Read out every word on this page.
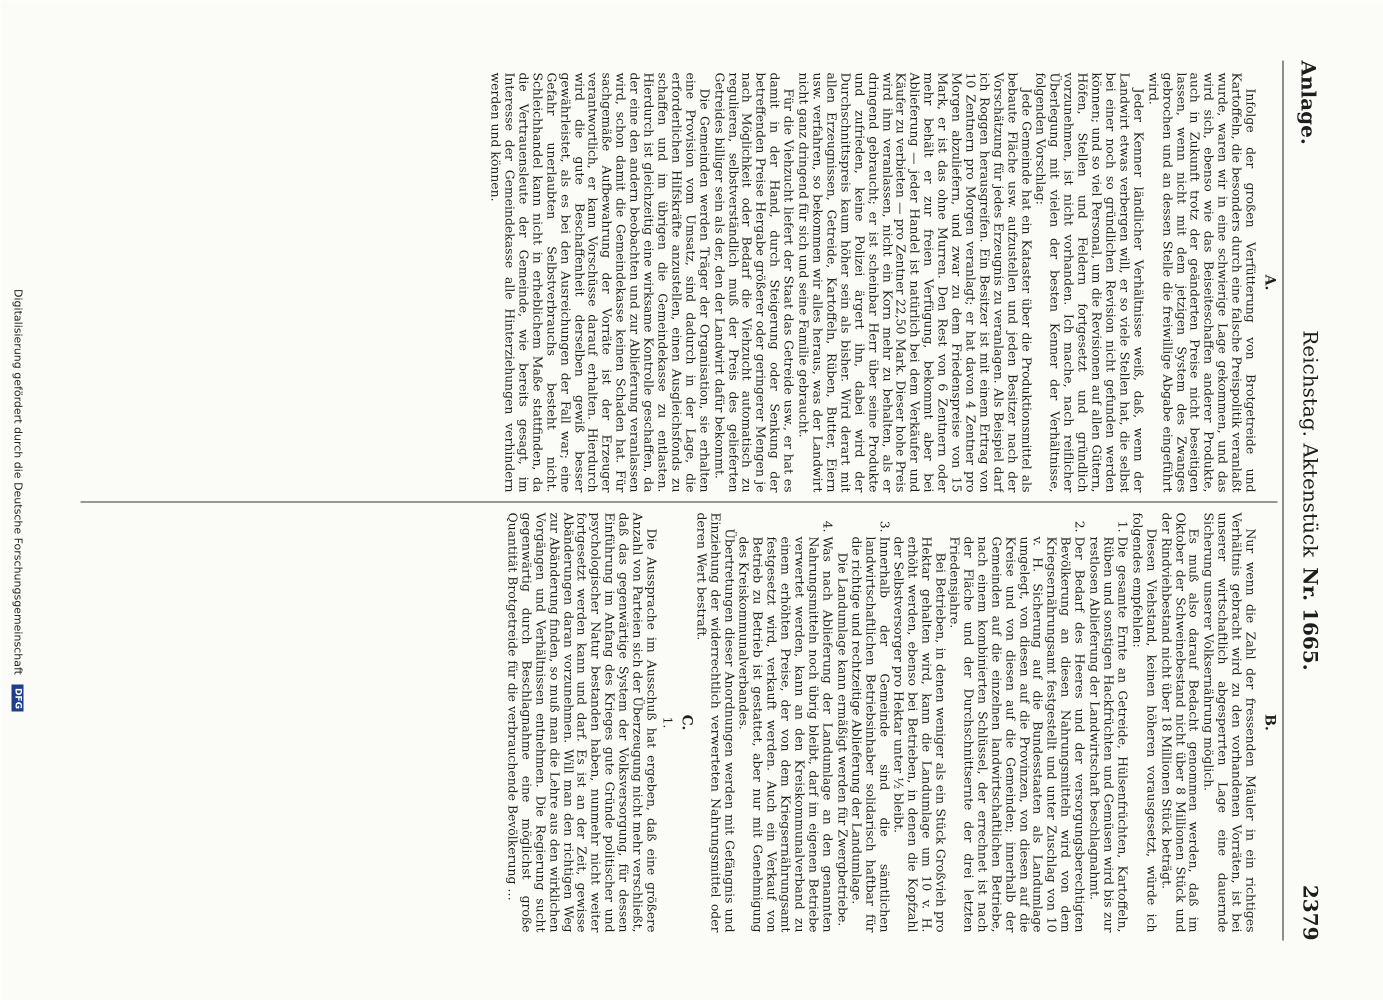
Anlage.
Reichstag. AktenstückNr. 1665.
2379
A.

Infolge der großen Verfütterung von Brotgetreide und Kartoffeln, die besonders durch eine falsche Preispolitik veranlaßt wurde, waren wir in eine schwierige Lage gekommen, und das wird sich, ebenso wie das Beiseiteschaffen anderer Produkte, auch in Zukunft trotz der geänderten Preise nicht beseitigen lassen, wenn nicht mit dem jetzigen System des Zwanges gebrochen und an dessen Stelle die freiwillige Abgabe eingeführt wird.

Jeder Kenner ländlicher Verhältnisse weiß, daß, wenn der Landwirt etwas verbergen will, er so viele Stellen hat, die selbst bei einer noch so gründlichen Revision nicht gefunden werden können; und so viel Personal, um die Revisionen auf allen Gütern, Höfen, Stellen und Feldern fortgesetzt und gründlich vorzunehmen, ist nicht vorhanden. Ich mache, nach reiflicher Überlegung mit vielen der besten Kenner der Verhältnisse, folgenden Vorschlag:

Jede Gemeinde hat ein Kataster über die Produktionsmittel als bebaute Fläche usw. aufzustellen und jeden Besitzer nach der Vorschätzung für jedes Erzeugnis zu veranlagen. Als Beispiel darf ich Roggen herausgreifen. Ein Besitzer ist mit einem Ertrag von 10 Zentnern pro Morgen veranlagt; er hat davon 4 Zentner pro Morgen abzuliefern, und zwar zu dem Friedenspreise von 15 Mark, er ist das ohne Murren. Den Rest von 6 Zentnern oder mehr behält er zur freien Verfügung, bekommt aber bei Ablieferung — jeder Handel ist natürlich bei dem Verkäufer und Käufer zu verbieten — pro Zentner 22,50 Mark. Dieser hohe Preis wird ihm veranlassen, nicht ein Korn mehr zu behalten, als er dringend gebraucht; er ist scheinbar Herr über seine Produkte und zufrieden, keine Polizei ärgert ihn, dabei wird der Durchschnittspreis kaum höher sein als bisher. Wird derart mit allen Erzeugnissen, Getreide, Kartoffeln, Rüben, Butter, Eiern usw. verfahren, so bekommen wir alles heraus, was der Landwirt nicht ganz dringend für sich und seine Familie gebraucht.

Für die Viehzucht liefert der Staat das Getreide usw., er hat es damit in der Hand, durch Steigerung oder Senkung der betreffenden Preise Hergabe größerer oder geringerer Mengen je nach Möglichkeit oder Bedarf die Viehzucht automatisch zu regulieren, selbstverständlich muß der Preis des gelieferten Getreides billiger sein als der, den der Landwirt dafür bekommt.

Die Gemeinden werden Träger der Organisation, sie erhalten eine Provision vom Umsatz, sind dadurch in der Lage, die erforderlichen Hilfskräfte anzustellen, einen Ausgleichsfonds zu schaffen und im übrigen die Gemeindekasse zu entlasten. Hierdurch ist gleichzeitig eine wirksame Kontrolle geschaffen, da der eine den andern beobachten und zur Ablieferung veranlassen wird, schon damit die Gemeindekasse keinen Schaden hat. Für sachgemäße Aufbewahrung der Vorräte ist der Erzeuger verantwortlich, er kann Vorschüsse darauf erhalten. Hierdurch wird die gute Beschaffenheit derselben gewiß besser gewährleistet, als es bei den Ausreichungen der Fall war; eine Gefahr unerlaubten Selbstverbrauchs besteht nicht. Schleichhandel kann nicht in erheblichem Maße stattfinden, da die Vertrauensleute der Gemeinde, wie bereits gesagt, im Interesse der Gemeindekasse alle Hinterziehungen verhindern werden und können.

B.

Nur wenn die Zahl der fressenden Mäuler in ein richtiges Verhältnis gebracht wird zu den vorhandenen Vorräten, ist bei unserer wirtschaftlich abgesperrten Lage eine dauernde Sicherung unserer Volksernährung möglich.

Es muß also darauf Bedacht genommen werden, daß im Oktober der Schweinebestand nicht über 8 Millionen Stück und der Rindviehbestand nicht über 18 Millionen Stück beträgt.

Diesen Viehstand, keinen höheren vorausgesetzt, würde ich folgendes empfehlen:

1. Die gesamte Ernte an Getreide, Hülsenfrüchten, Kartoffeln, Rüben und sonstigen Hackfrüchten und Gemüsen wird bis zur restlosen Ablieferung der Landwirtschaft beschlagnahmt.
2. Der Bedarf des Heeres und der versorgungsberechtigten Bevölkerung an diesen Nahrungsmitteln wird von dem Kriegsernährungsamt festgestellt und unter Zuschlag von 10 v. H. Sicherung auf die Bundesstaaten als Landumlage umgelegt, von diesen auf die Provinzen, von diesen auf die Kreise und von diesen auf die Gemeinden; innerhalb der Gemeinden auf die einzelnen landwirtschaftlichen Betriebe, nach einem kombinierten Schlüssel, der errechnet ist nach der Fläche und der Durchschnittsernte der drei letzten Friedensjahre.

Bei Betrieben, in denen weniger als ein Stück Großvieh pro Hektar gehalten wird, kann die Landumlage um 10 v. H. erhöht werden, ebenso bei Betrieben, in denen die Kopfzahl der Selbstversorger pro Hektar unter ½ bleibt.

3. Innerhalb der Gemeinde sind die sämtlichen landwirtschaftlichen Betriebsinhaber solidarisch haftbar für die richtige und rechtzeitige Ablieferung der Landumlage.

Die Landumlage kann ermäßigt werden für Zwergbetriebe.

4. Was nach Ablieferung der Landumlage an den genannten Nahrungsmitteln noch übrig bleibt, darf im eigenen Betriebe verwertet werden, kann an den Kreiskommunalverband zu einem erhöhten Preise, der von dem Kriegsernährungsamt festgesetzt wird, verkauft werden. Auch ein Verkauf von Betrieb zu Betrieb ist gestattet, aber nur mit Genehmigung des Kreiskommunalverbandes.

Übertretungen dieser Anordnungen werden mit Gefängnis und Einziehung der widerrechtlich verwerteten Nahrungsmittel oder deren Wert bestraft.

C.
1.

Die Aussprache im Ausschuß hat ergeben, daß eine größere Anzahl von Parteien sich der Überzeugung nicht mehr verschließt, daß das gegenwärtige System der Volksversorgung, für dessen Einführung im Anfang des Krieges gute Gründe politischer und psychologischer Natur bestanden haben, nunmehr nicht weiter fortgesetzt werden kann und darf. Es ist an der Zeit, gewisse Abänderungen daran vorzunehmen. Will man den richtigen Weg zur Abänderung finden, so muß man die Lehre aus den wirklichen Vorgängen und Verhältnissen entnehmen. Die Regierung sucht gegenwärtig durch Beschlagnahme eine möglichst große Quantität Brotgetreide für die verbrauchende Bevölkerung …

Digitalisierung gefördert durch die Deutsche ForschungsgemeinschaftDFG
